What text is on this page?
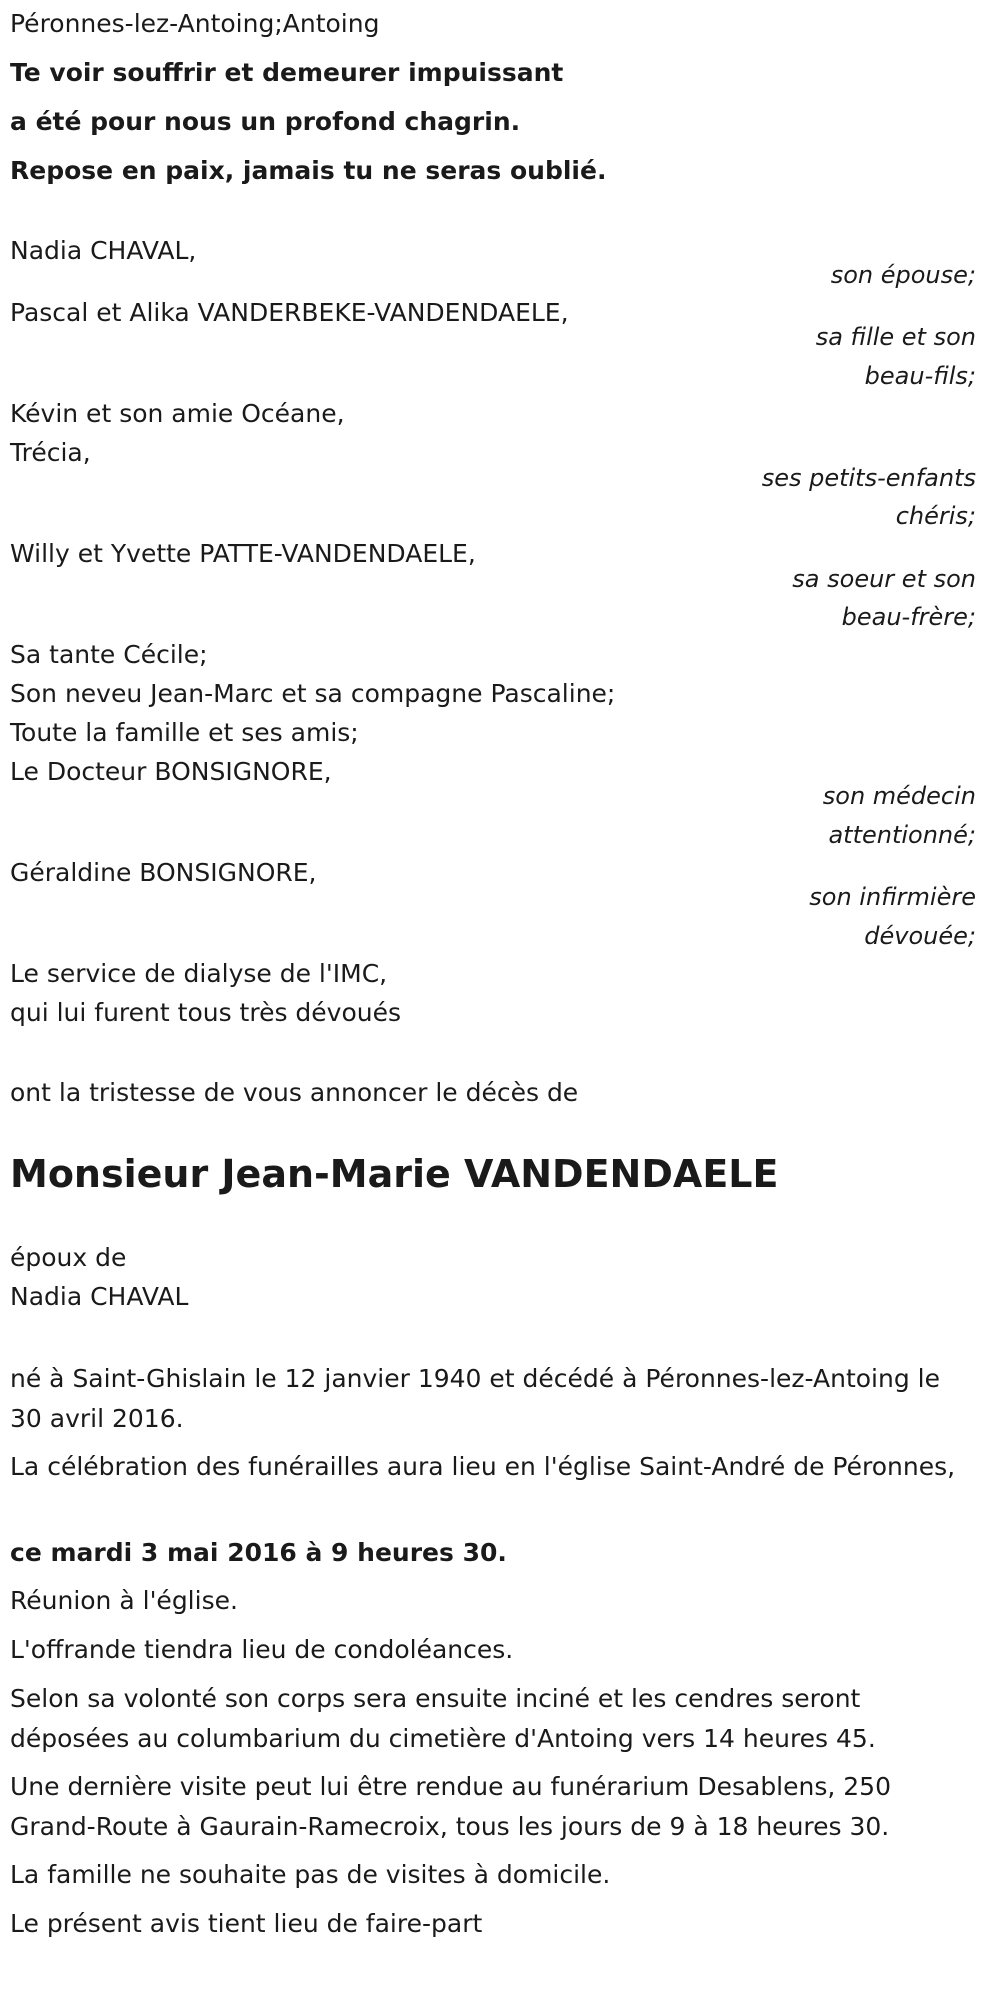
Péronnes-lez-Antoing;Antoing
Te voir souffrir et demeurer impuissant
a été pour nous un profond chagrin.
Repose en paix, jamais tu ne seras oublié.
Nadia CHAVAL,
son épouse;
Pascal et Alika VANDERBEKE-VANDENDAELE,
sa fille et son
beau-fils;
Kévin et son amie Océane,
Trécia,
ses petits-enfants
chéris;
Willy et Yvette PATTE-VANDENDAELE,
sa soeur et son
beau-frère;
Sa tante Cécile;
Son neveu Jean-Marc et sa compagne Pascaline;
Toute la famille et ses amis;
Le Docteur BONSIGNORE,
son médecin
attentionné;
Géraldine BONSIGNORE,
son infirmière
dévouée;
Le service de dialyse de l'IMC,
qui lui furent tous très dévoués
ont la tristesse de vous annoncer le décès de
Monsieur Jean-Marie VANDENDAELE
époux de
Nadia CHAVAL
né à Saint-Ghislain le 12 janvier 1940 et décédé à Péronnes-lez-Antoing le 30 avril 2016.
La célébration des funérailles aura lieu en l'église Saint-André de Péronnes,
ce mardi 3 mai 2016 à 9 heures 30.
Réunion à l'église.
L'offrande tiendra lieu de condoléances.
Selon sa volonté son corps sera ensuite inciné et les cendres seront déposées au columbarium du cimetière d'Antoing vers 14 heures 45.
Une dernière visite peut lui être rendue au funérarium Desablens, 250 Grand-Route à Gaurain-Ramecroix, tous les jours de 9 à 18 heures 30.
La famille ne souhaite pas de visites à domicile.
Le présent avis tient lieu de faire-part
